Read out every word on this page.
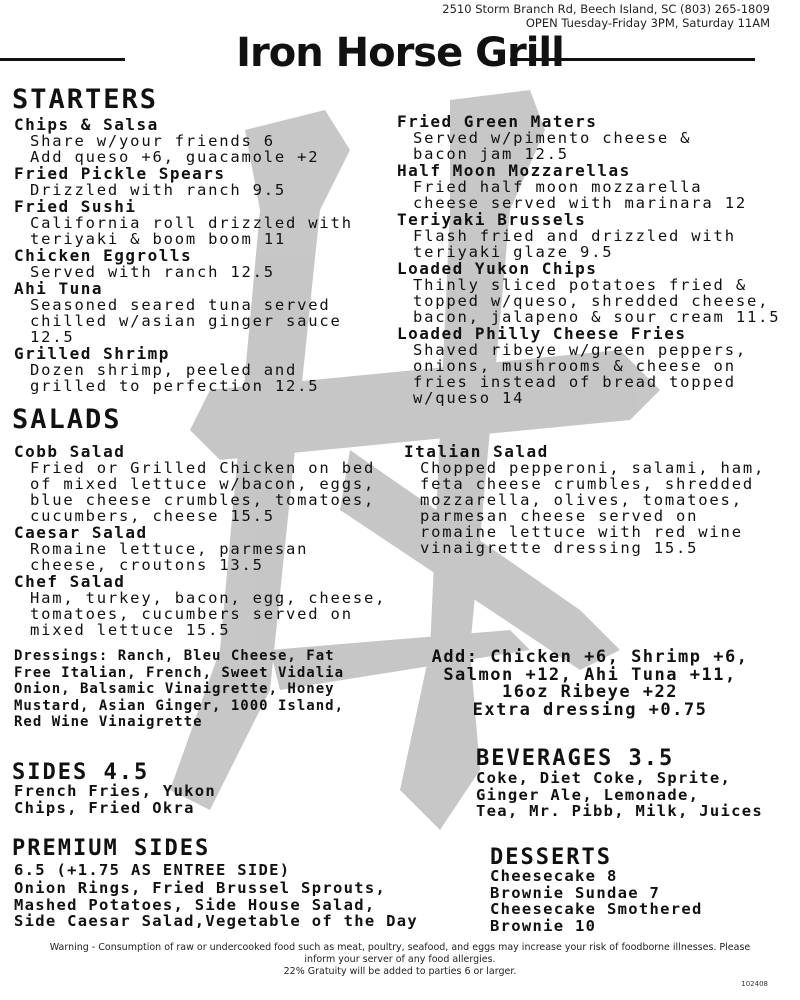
2510 Storm Branch Rd, Beech Island, SC (803) 265-1809
OPEN Tuesday-Friday 3PM, Saturday 11AM
Iron Horse Grill
STARTERS
Chips & Salsa
Share w/your friends 6
Add queso +6, guacamole +2
Fried Pickle Spears
Drizzled with ranch 9.5
Fried Sushi
California roll drizzled with
teriyaki & boom boom 11
Chicken Eggrolls
Served with ranch 12.5
Ahi Tuna
Seasoned seared tuna served
chilled w/asian ginger sauce 12.5
Grilled Shrimp
Dozen shrimp, peeled and
grilled to perfection 12.5
Fried Green Maters
Served w/pimento cheese &
bacon jam 12.5
Half Moon Mozzarellas
Fried half moon mozzarella
cheese served with marinara 12
Teriyaki Brussels
Flash fried and drizzled with
teriyaki glaze 9.5
Loaded Yukon Chips
Thinly sliced potatoes fried &
topped w/queso, shredded cheese,
bacon, jalapeno & sour cream 11.5
Loaded Philly Cheese Fries
Shaved ribeye w/green peppers,
onions, mushrooms & cheese on
fries instead of bread topped
w/queso 14
SALADS
Cobb Salad
Fried or Grilled Chicken on bed
of mixed lettuce w/bacon, eggs,
blue cheese crumbles, tomatoes,
cucumbers, cheese 15.5
Caesar Salad
Romaine lettuce, parmesan
cheese, croutons 13.5
Chef Salad
Ham, turkey, bacon, egg, cheese,
tomatoes, cucumbers served on
mixed lettuce 15.5
Italian Salad
Chopped pepperoni, salami, ham,
feta cheese crumbles, shredded
mozzarella, olives, tomatoes,
parmesan cheese served on
romaine lettuce with red wine
vinaigrette dressing 15.5
Dressings: Ranch, Bleu Cheese, Fat
Free Italian, French, Sweet Vidalia
Onion, Balsamic Vinaigrette, Honey
Mustard, Asian Ginger, 1000 Island,
Red Wine Vinaigrette
Add: Chicken +6, Shrimp +6,
Salmon +12, Ahi Tuna +11,
16oz Ribeye +22
Extra dressing +0.75
SIDES 4.5
French Fries, Yukon
Chips, Fried Okra
PREMIUM SIDES
6.5 (+1.75 AS ENTREE SIDE)
Onion Rings, Fried Brussel Sprouts,
Mashed Potatoes, Side House Salad,
Side Caesar Salad,Vegetable of the Day
BEVERAGES 3.5
Coke, Diet Coke, Sprite,
Ginger Ale, Lemonade,
Tea, Mr. Pibb, Milk, Juices
DESSERTS
Cheesecake 8
Brownie Sundae 7
Cheesecake Smothered
Brownie 10
Warning - Consumption of raw or undercooked food such as meat, poultry, seafood, and eggs may increase your risk of foodborne illnesses. Please inform your server of any food allergies.
22% Gratuity will be added to parties 6 or larger.
102408
